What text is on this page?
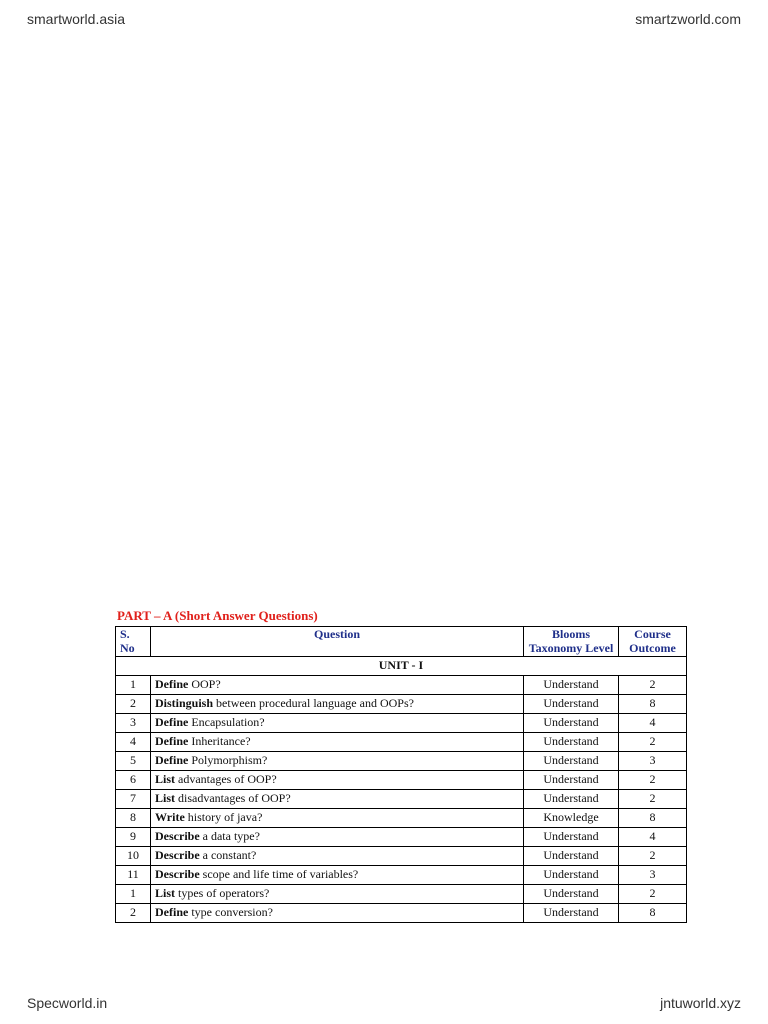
smartworld.asia	smartzworld.com
Specworld.in	jntuworld.xyz
PART – A (Short Answer Questions)
S. No	Question	Blooms Taxonomy Level	Course Outcome
UNIT - I			
1	Define OOP?	Understand	2
2	Distinguish between procedural language and OOPs?	Understand	8
3	Define Encapsulation?	Understand	4
4	Define Inheritance?	Understand	2
5	Define Polymorphism?	Understand	3
6	List advantages of OOP?	Understand	2
7	List disadvantages of OOP?	Understand	2
8	Write history of java?	Knowledge	8
9	Describe a data type?	Understand	4
10	Describe a constant?	Understand	2
11	Describe scope and life time of variables?	Understand	3
1	List types of operators?	Understand	2
2	Define type conversion?	Understand	8
